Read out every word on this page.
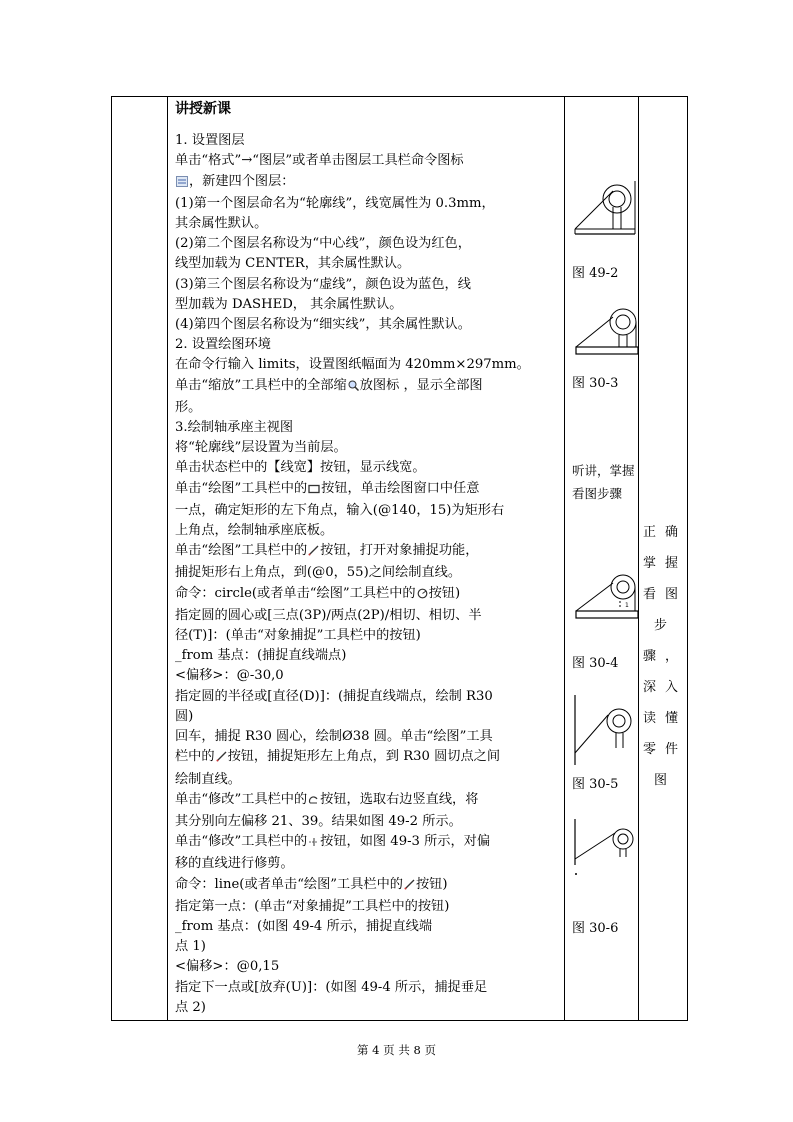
讲授新课
1. 设置图层
单击“格式”→“图层”或者单击图层工具栏命令图标
，新建四个图层：
(1)第一个图层命名为“轮廓线”，线宽属性为 0.3mm，
其余属性默认。
(2)第二个图层名称设为“中心线”，颜色设为红色，
线型加载为 CENTER，其余属性默认。
(3)第三个图层名称设为“虚线”，颜色设为蓝色，线
型加载为 DASHED， 其余属性默认。
(4)第四个图层名称设为“细实线”，其余属性默认。
2. 设置绘图环境
在命令行输入 limits，设置图纸幅面为 420mm×297mm。
单击“缩放”工具栏中的全部缩 放图标 ，显示全部图
形。
3.绘制轴承座主视图
将“轮廓线”层设置为当前层。
单击状态栏中的【线宽】按钮，显示线宽。
单击“绘图”工具栏中的 按钮，单击绘图窗口中任意
一点，确定矩形的左下角点，输入(@140，15)为矩形右
上角点，绘制轴承座底板。
单击“绘图”工具栏中的 按钮，打开对象捕捉功能，
捕捉矩形右上角点，到(@0，55)之间绘制直线。
命令：circle(或者单击“绘图”工具栏中的 按钮)
指定圆的圆心或[三点(3P)/两点(2P)/相切、相切、半
径(T)]：(单击“对象捕捉”工具栏中的按钮)
_from 基点：(捕捉直线端点)
<偏移>：@-30,0
指定圆的半径或[直径(D)]：(捕捉直线端点，绘制 R30
圆)
回车，捕捉 R30 圆心，绘制Ø38 圆。单击“绘图”工具
栏中的 按钮，捕捉矩形左上角点，到 R30 圆切点之间
绘制直线。
单击“修改”工具栏中的 按钮，选取右边竖直线，将
其分别向左偏移 21、39。结果如图 49-2 所示。
单击“修改”工具栏中的 按钮，如图 49-3 所示，对偏
移的直线进行修剪。
命令：line(或者单击“绘图”工具栏中的 按钮)
指定第一点：(单击“对象捕捉”工具栏中的按钮)
_from 基点：(如图 49-4 所示，捕捉直线端
点 1)
<偏移>：@0,15
指定下一点或[放弃(U)]：(如图 49-4 所示，捕捉垂足
点 2)
图 49-2
图 30-3
听讲，掌握看图步骤
1
图 30-4
图 30-5
图 30-6
正确掌握看图步骤，深入读懂零件图
第 4 页 共 8 页
